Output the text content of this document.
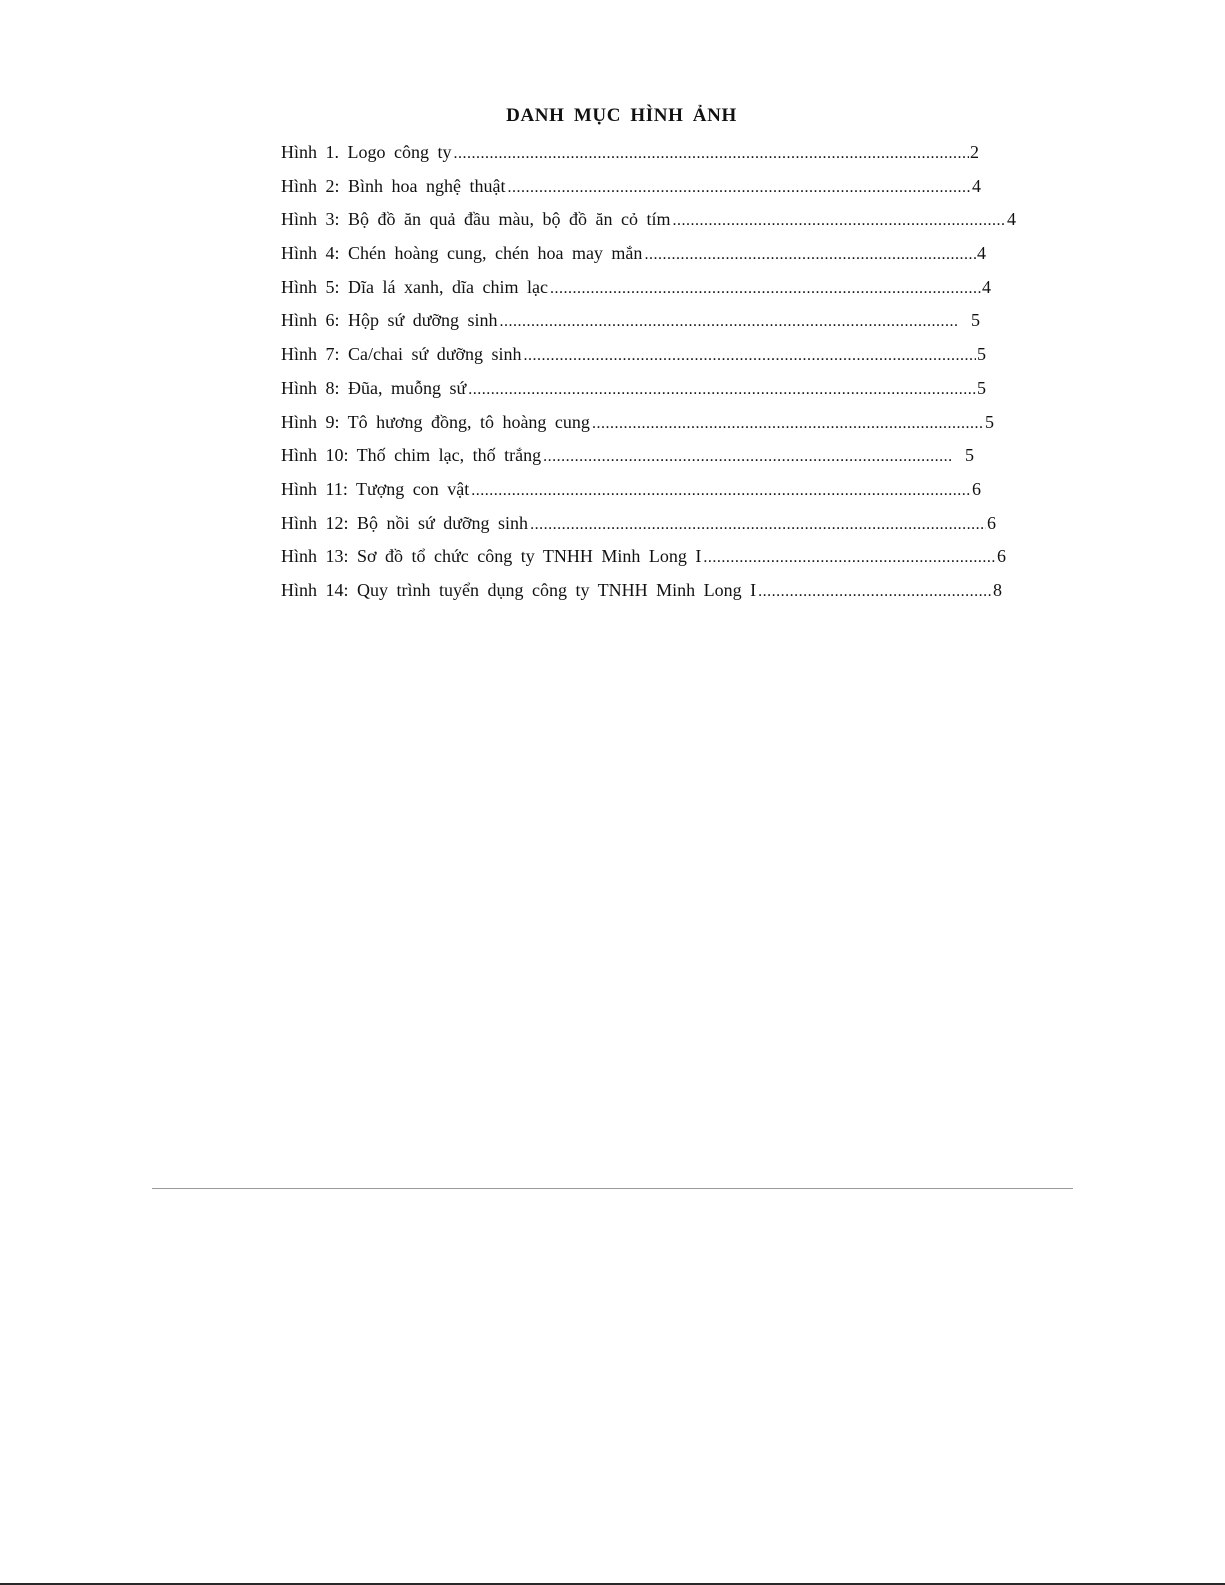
DANH MỤC HÌNH ẢNH
Hình 1. Logo công ty .....	2
Hình 2: Bình hoa nghệ thuật .....	4
Hình 3: Bộ đồ ăn quả đầu màu, bộ đồ ăn cỏ tím .....	4
Hình 4: Chén hoàng cung, chén hoa may mắn .....	4
Hình 5: Dĩa lá xanh, dĩa chim lạc .....	4
Hình 6: Hộp sứ dưỡng sinh .....	5
Hình 7: Ca/chai sứ dưỡng sinh .....	5
Hình 8: Đũa, muỗng sứ .....	5
Hình 9: Tô hương đồng, tô hoàng cung .....	5
Hình 10: Thố chim lạc, thố trắng .....	5
Hình 11: Tượng con vật .....	6
Hình 12: Bộ nồi sứ dưỡng sinh .....	6
Hình 13: Sơ đồ tổ chức công ty TNHH Minh Long I .....	6
Hình 14: Quy trình tuyển dụng công ty TNHH Minh Long I .....	8
